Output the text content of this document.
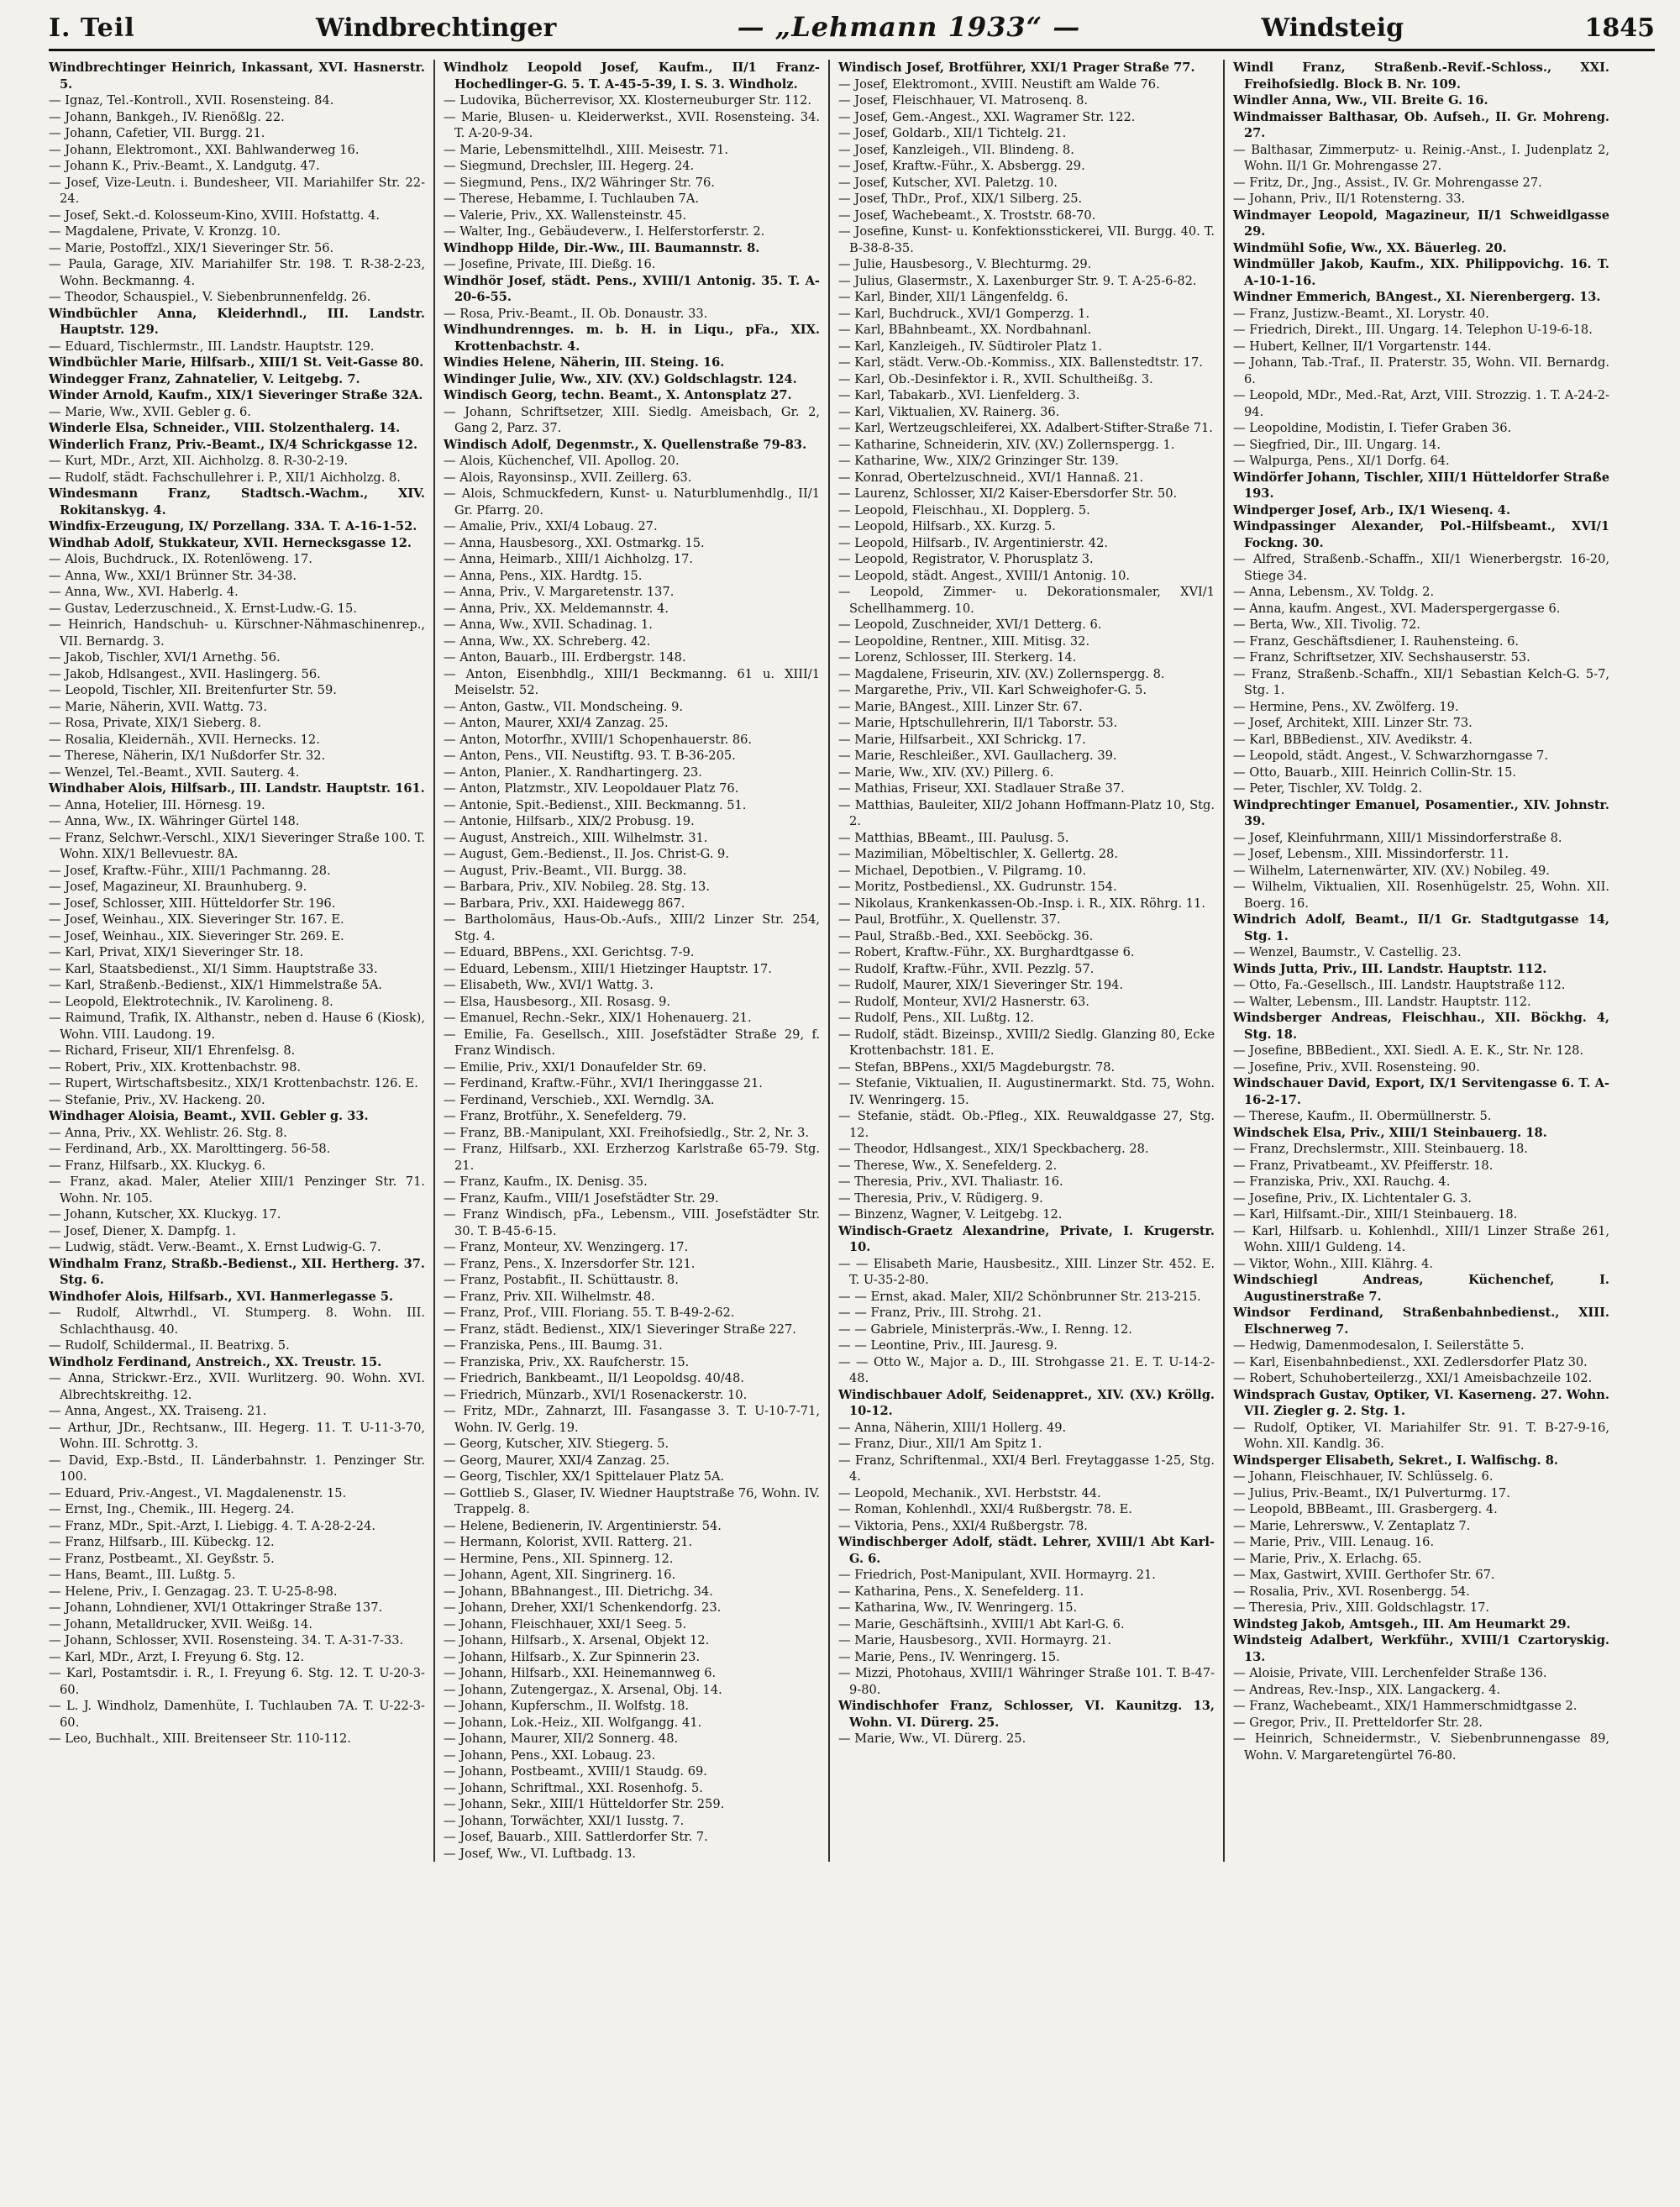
I. Teil	Windbrechtinger	— „Lehmann 1933“ —	Windsteig	1845

Windbrechtinger Heinrich, Inkassant, XVI. Hasnerstr. 5.

— Ignaz, Tel.-Kontroll., XVII. Rosensteing. 84.

— Johann, Bankgeh., IV. Rienößlg. 22.

— Johann, Cafetier, VII. Burgg. 21.

— Johann, Elektromont., XXI. Bahlwanderweg 16.

— Johann K., Priv.-Beamt., X. Landgutg. 47.

— Josef, Vize-Leutn. i. Bundesheer, VII. Mariahilfer Str. 22-24.

— Josef, Sekt.-d. Kolosseum-Kino, XVIII. Hofstattg. 4.

— Magdalene, Private, V. Kronzg. 10.

— Marie, Postoffzl., XIX/1 Sieveringer Str. 56.

— Paula, Garage, XIV. Mariahilfer Str. 198. T. R-38-2-23, Wohn. Beckmanng. 4.

— Theodor, Schauspiel., V. Siebenbrunnenfeldg. 26.

Windbüchler Anna, Kleiderhndl., III. Landstr. Hauptstr. 129.

— Eduard, Tischlermstr., III. Landstr. Hauptstr. 129.

Windbüchler Marie, Hilfsarb., XIII/1 St. Veit-Gasse 80.

Windegger Franz, Zahnatelier, V. Leitgebg. 7.

Winder Arnold, Kaufm., XIX/1 Sieveringer Straße 32A.

— Marie, Ww., XVII. Gebler g. 6.

Winderle Elsa, Schneider., VIII. Stolzenthalerg. 14.

Winderlich Franz, Priv.-Beamt., IX/4 Schrickgasse 12.

— Kurt, MDr., Arzt, XII. Aichholzg. 8. R-30-2-19.

— Rudolf, städt. Fachschullehrer i. P., XII/1 Aichholzg. 8.

Windesmann Franz, Stadtsch.-Wachm., XIV. Rokitanskyg. 4.

Windfix-Erzeugung, IX/ Porzellang. 33A. T. A-16-1-52.

Windhab Adolf, Stukkateur, XVII. Hernecksgasse 12.

— Alois, Buchdruck., IX. Rotenlöweng. 17.

— Anna, Ww., XXI/1 Brünner Str. 34-38.

— Anna, Ww., XVI. Haberlg. 4.

— Gustav, Lederzuschneid., X. Ernst-Ludw.-G. 15.

— Heinrich, Handschuh- u. Kürschner-Nähmaschinenrep., VII. Bernardg. 3.

— Jakob, Tischler, XVI/1 Arnethg. 56.

— Jakob, Hdlsangest., XVII. Haslingerg. 56.

— Leopold, Tischler, XII. Breitenfurter Str. 59.

— Marie, Näherin, XVII. Wattg. 73.

— Rosa, Private, XIX/1 Sieberg. 8.

— Rosalia, Kleidernäh., XVII. Hernecks. 12.

— Therese, Näherin, IX/1 Nußdorfer Str. 32.

— Wenzel, Tel.-Beamt., XVII. Sauterg. 4.

Windhaber Alois, Hilfsarb., III. Landstr. Hauptstr. 161.

— Anna, Hotelier, III. Hörnesg. 19.

— Anna, Ww., IX. Währinger Gürtel 148.

— Franz, Selchwr.-Verschl., XIX/1 Sieveringer Straße 100. T. Wohn. XIX/1 Bellevuestr. 8A.

— Josef, Kraftw.-Führ., XIII/1 Pachmanng. 28.

— Josef, Magazineur, XI. Braunhuberg. 9.

— Josef, Schlosser, XIII. Hütteldorfer Str. 196.

— Josef, Weinhau., XIX. Sieveringer Str. 167. E.

— Josef, Weinhau., XIX. Sieveringer Str. 269. E.

— Karl, Privat, XIX/1 Sieveringer Str. 18.

— Karl, Staatsbedienst., XI/1 Simm. Hauptstraße 33.

— Karl, Straßenb.-Bedienst., XIX/1 Himmelstraße 5A.

— Leopold, Elektrotechnik., IV. Karolineng. 8.

— Raimund, Trafik, IX. Althanstr., neben d. Hause 6 (Kiosk), Wohn. VIII. Laudong. 19.

— Richard, Friseur, XII/1 Ehrenfelsg. 8.

— Robert, Priv., XIX. Krottenbachstr. 98.

— Rupert, Wirtschaftsbesitz., XIX/1 Krottenbachstr. 126. E.

— Stefanie, Priv., XV. Hackeng. 20.

Windhager Aloisia, Beamt., XVII. Gebler g. 33.

— Anna, Priv., XX. Wehlistr. 26. Stg. 8.

— Ferdinand, Arb., XX. Marolttingerg. 56-58.

— Franz, Hilfsarb., XX. Kluckyg. 6.

— Franz, akad. Maler, Atelier XIII/1 Penzinger Str. 71. Wohn. Nr. 105.

— Johann, Kutscher, XX. Kluckyg. 17.

— Josef, Diener, X. Dampfg. 1.

— Ludwig, städt. Verw.-Beamt., X. Ernst Ludwig-G. 7.

Windhalm Franz, Straßb.-Bedienst., XII. Hertherg. 37. Stg. 6.

Windhofer Alois, Hilfsarb., XVI. Hanmerlegasse 5.

— Rudolf, Altwrhdl., VI. Stumperg. 8. Wohn. III. Schlachthausg. 40.

— Rudolf, Schildermal., II. Beatrixg. 5.

Windholz Ferdinand, Anstreich., XX. Treustr. 15.

— Anna, Strickwr.-Erz., XVII. Wurlitzerg. 90. Wohn. XVI. Albrechtskreithg. 12.

— Anna, Angest., XX. Traiseng. 21.

— Arthur, JDr., Rechtsanw., III. Hegerg. 11. T. U-11-3-70, Wohn. III. Schrottg. 3.

— David, Exp.-Bstd., II. Länderbahnstr. 1. Penzinger Str. 100.

— Eduard, Priv.-Angest., VI. Magdalenenstr. 15.

— Ernst, Ing., Chemik., III. Hegerg. 24.

— Franz, MDr., Spit.-Arzt, I. Liebigg. 4. T. A-28-2-24.

— Franz, Hilfsarb., III. Kübeckg. 12.

— Franz, Postbeamt., XI. Geyßstr. 5.

— Hans, Beamt., III. Lußtg. 5.

— Helene, Priv., I. Genzagag. 23. T. U-25-8-98.

— Johann, Lohndiener, XVI/1 Ottakringer Straße 137.

— Johann, Metalldrucker, XVII. Weißg. 14.

— Johann, Schlosser, XVII. Rosensteing. 34. T. A-31-7-33.

— Karl, MDr., Arzt, I. Freyung 6. Stg. 12.

— Karl, Postamtsdir. i. R., I. Freyung 6. Stg. 12. T. U-20-3-60.

— L. J. Windholz, Damenhüte, I. Tuchlauben 7A. T. U-22-3-60.

— Leo, Buchhalt., XIII. Breitenseer Str. 110-112.

Windholz Leopold Josef, Kaufm., II/1 Franz-Hochedlinger-G. 5. T. A-45-5-39, I. S. 3. Windholz.

— Ludovika, Bücherrevisor, XX. Klosterneuburger Str. 112.

— Marie, Blusen- u. Kleiderwerkst., XVII. Rosensteing. 34. T. A-20-9-34.

— Marie, Lebensmittelhdl., XIII. Meisestr. 71.

— Siegmund, Drechsler, III. Hegerg. 24.

— Siegmund, Pens., IX/2 Währinger Str. 76.

— Therese, Hebamme, I. Tuchlauben 7A.

— Valerie, Priv., XX. Wallensteinstr. 45.

— Walter, Ing., Gebäudeverw., I. Helferstorferstr. 2.

Windhopp Hilde, Dir.-Ww., III. Baumannstr. 8.

— Josefine, Private, III. Dießg. 16.

Windhör Josef, städt. Pens., XVIII/1 Antonig. 35. T. A-20-6-55.

— Rosa, Priv.-Beamt., II. Ob. Donaustr. 33.

Windhundrennges. m. b. H. in Liqu., pFa., XIX. Krottenbachstr. 4.

Windies Helene, Näherin, III. Steing. 16.

Windinger Julie, Ww., XIV. (XV.) Goldschlagstr. 124.

Windisch Georg, techn. Beamt., X. Antonsplatz 27.

— Johann, Schriftsetzer, XIII. Siedlg. Ameisbach, Gr. 2, Gang 2, Parz. 37.

Windisch Adolf, Degenmstr., X. Quellenstraße 79-83.

— Alois, Küchenchef, VII. Apollog. 20.

— Alois, Rayonsinsp., XVII. Zeillerg. 63.

— Alois, Schmuckfedern, Kunst- u. Naturblumenhdlg., II/1 Gr. Pfarrg. 20.

— Amalie, Priv., XXI/4 Lobaug. 27.

— Anna, Hausbesorg., XXI. Ostmarkg. 15.

— Anna, Heimarb., XIII/1 Aichholzg. 17.

— Anna, Pens., XIX. Hardtg. 15.

— Anna, Priv., V. Margaretenstr. 137.

— Anna, Priv., XX. Meldemannstr. 4.

— Anna, Ww., XVII. Schadinag. 1.

— Anna, Ww., XX. Schreberg. 42.

— Anton, Bauarb., III. Erdbergstr. 148.

— Anton, Eisenbhdlg., XIII/1 Beckmanng. 61 u. XIII/1 Meiselstr. 52.

— Anton, Gastw., VII. Mondscheing. 9.

— Anton, Maurer, XXI/4 Zanzag. 25.

— Anton, Motorfhr., XVIII/1 Schopenhauerstr. 86.

— Anton, Pens., VII. Neustiftg. 93. T. B-36-205.

— Anton, Planier., X. Randhartingerg. 23.

— Anton, Platzmstr., XIV. Leopoldauer Platz 76.

— Antonie, Spit.-Bedienst., XIII. Beckmanng. 51.

— Antonie, Hilfsarb., XIX/2 Probusg. 19.

— August, Anstreich., XIII. Wilhelmstr. 31.

— August, Gem.-Bedienst., II. Jos. Christ-G. 9.

— August, Priv.-Beamt., VII. Burgg. 38.

— Barbara, Priv., XIV. Nobileg. 28. Stg. 13.

— Barbara, Priv., XXI. Haidewegg 867.

— Bartholomäus, Haus-Ob.-Aufs., XIII/2 Linzer Str. 254, Stg. 4.

— Eduard, BBPens., XXI. Gerichtsg. 7-9.

— Eduard, Lebensm., XIII/1 Hietzinger Hauptstr. 17.

— Elisabeth, Ww., XVI/1 Wattg. 3.

— Elsa, Hausbesorg., XII. Rosasg. 9.

— Emanuel, Rechn.-Sekr., XIX/1 Hohenauerg. 21.

— Emilie, Fa. Gesellsch., XIII. Josefstädter Straße 29, f. Franz Windisch.

— Emilie, Priv., XXI/1 Donaufelder Str. 69.

— Ferdinand, Kraftw.-Führ., XVI/1 Iheringgasse 21.

— Ferdinand, Verschieb., XXI. Werndlg. 3A.

— Franz, Brotführ., X. Senefelderg. 79.

— Franz, BB.-Manipulant, XXI. Freihofsiedlg., Str. 2, Nr. 3.

— Franz, Hilfsarb., XXI. Erzherzog Karlstraße 65-79. Stg. 21.

— Franz, Kaufm., IX. Denisg. 35.

— Franz, Kaufm., VIII/1 Josefstädter Str. 29.

— Franz Windisch, pFa., Lebensm., VIII. Josefstädter Str. 30. T. B-45-6-15.

— Franz, Monteur, XV. Wenzingerg. 17.

— Franz, Pens., X. Inzersdorfer Str. 121.

— Franz, Postabfit., II. Schüttaustr. 8.

— Franz, Priv. XII. Wilhelmstr. 48.

— Franz, Prof., VIII. Floriang. 55. T. B-49-2-62.

— Franz, städt. Bedienst., XIX/1 Sieveringer Straße 227.

— Franziska, Pens., III. Baumg. 31.

— Franziska, Priv., XX. Raufcherstr. 15.

— Friedrich, Bankbeamt., II/1 Leopoldsg. 40/48.

— Friedrich, Münzarb., XVI/1 Rosenackerstr. 10.

— Fritz, MDr., Zahnarzt, III. Fasangasse 3. T. U-10-7-71, Wohn. IV. Gerlg. 19.

— Georg, Kutscher, XIV. Stiegerg. 5.

— Georg, Maurer, XXI/4 Zanzag. 25.

— Georg, Tischler, XX/1 Spittelauer Platz 5A.

— Gottlieb S., Glaser, IV. Wiedner Hauptstraße 76, Wohn. IV. Trappelg. 8.

— Helene, Bedienerin, IV. Argentinierstr. 54.

— Hermann, Kolorist, XVII. Ratterg. 21.

— Hermine, Pens., XII. Spinnerg. 12.

— Johann, Agent, XII. Singrinerg. 16.

— Johann, BBahnangest., III. Dietrichg. 34.

— Johann, Dreher, XXI/1 Schenkendorfg. 23.

— Johann, Fleischhauer, XXI/1 Seeg. 5.

— Johann, Hilfsarb., X. Arsenal, Objekt 12.

— Johann, Hilfsarb., X. Zur Spinnerin 23.

— Johann, Hilfsarb., XXI. Heinemannweg 6.

— Johann, Zutengergaz., X. Arsenal, Obj. 14.

— Johann, Kupferschm., II. Wolfstg. 18.

— Johann, Lok.-Heiz., XII. Wolfgangg. 41.

— Johann, Maurer, XII/2 Sonnerg. 48.

— Johann, Pens., XXI. Lobaug. 23.

— Johann, Postbeamt., XVIII/1 Staudg. 69.

— Johann, Schriftmal., XXI. Rosenhofg. 5.

— Johann, Sekr., XIII/1 Hütteldorfer Str. 259.

— Johann, Torwächter, XXI/1 Iusstg. 7.

— Josef, Bauarb., XIII. Sattlerdorfer Str. 7.

— Josef, Ww., VI. Luftbadg. 13.

Windisch Josef, Brotführer, XXI/1 Prager Straße 77.

— Josef, Elektromont., XVIII. Neustift am Walde 76.

— Josef, Fleischhauer, VI. Matrosenq. 8.

— Josef, Gem.-Angest., XXI. Wagramer Str. 122.

— Josef, Goldarb., XII/1 Tichtelg. 21.

— Josef, Kanzleigeh., VII. Blindeng. 8.

— Josef, Kraftw.-Führ., X. Absbergg. 29.

— Josef, Kutscher, XVI. Paletzg. 10.

— Josef, ThDr., Prof., XIX/1 Silberg. 25.

— Josef, Wachebeamt., X. Troststr. 68-70.

— Josefine, Kunst- u. Konfektionsstickerei, VII. Burgg. 40. T. B-38-8-35.

— Julie, Hausbesorg., V. Blechturmg. 29.

— Julius, Glasermstr., X. Laxenburger Str. 9. T. A-25-6-82.

— Karl, Binder, XII/1 Längenfeldg. 6.

— Karl, Buchdruck., XVI/1 Gomperzg. 1.

— Karl, BBahnbeamt., XX. Nordbahnanl.

— Karl, Kanzleigeh., IV. Südtiroler Platz 1.

— Karl, städt. Verw.-Ob.-Kommiss., XIX. Ballenstedtstr. 17.

— Karl, Ob.-Desinfektor i. R., XVII. Schultheißg. 3.

— Karl, Tabakarb., XVI. Lienfelderg. 3.

— Karl, Viktualien, XV. Rainerg. 36.

— Karl, Wertzeugschleiferei, XX. Adalbert-Stifter-Straße 71.

— Katharine, Schneiderin, XIV. (XV.) Zollernspergg. 1.

— Katharine, Ww., XIX/2 Grinzinger Str. 139.

— Konrad, Obertelzuschneid., XVI/1 Hannaß. 21.

— Laurenz, Schlosser, XI/2 Kaiser-Ebersdorfer Str. 50.

— Leopold, Fleischhau., XI. Dopplerg. 5.

— Leopold, Hilfsarb., XX. Kurzg. 5.

— Leopold, Hilfsarb., IV. Argentinierstr. 42.

— Leopold, Registrator, V. Phorusplatz 3.

— Leopold, städt. Angest., XVIII/1 Antonig. 10.

— Leopold, Zimmer- u. Dekorationsmaler, XVI/1 Schellhammerg. 10.

— Leopold, Zuschneider, XVI/1 Detterg. 6.

— Leopoldine, Rentner., XIII. Mitisg. 32.

— Lorenz, Schlosser, III. Sterkerg. 14.

— Magdalene, Friseurin, XIV. (XV.) Zollernspergg. 8.

— Margarethe, Priv., VII. Karl Schweighofer-G. 5.

— Marie, BAngest., XIII. Linzer Str. 67.

— Marie, Hptschullehrerin, II/1 Taborstr. 53.

— Marie, Hilfsarbeit., XXI Schrickg. 17.

— Marie, Reschleißer., XVI. Gaullacherg. 39.

— Marie, Ww., XIV. (XV.) Pillerg. 6.

— Mathias, Friseur, XXI. Stadlauer Straße 37.

— Matthias, Bauleiter, XII/2 Johann Hoffmann-Platz 10, Stg. 2.

— Matthias, BBeamt., III. Paulusg. 5.

— Mazimilian, Möbeltischler, X. Gellertg. 28.

— Michael, Depotbien., V. Pilgramg. 10.

— Moritz, Postbediensl., XX. Gudrunstr. 154.

— Nikolaus, Krankenkassen-Ob.-Insp. i. R., XIX. Röhrg. 11.

— Paul, Brotführ., X. Quellenstr. 37.

— Paul, Straßb.-Bed., XXI. Seeböckg. 36.

— Robert, Kraftw.-Führ., XX. Burghardtgasse 6.

— Rudolf, Kraftw.-Führ., XVII. Pezzlg. 57.

— Rudolf, Maurer, XIX/1 Sieveringer Str. 194.

— Rudolf, Monteur, XVI/2 Hasnerstr. 63.

— Rudolf, Pens., XII. Lußtg. 12.

— Rudolf, städt. Bizeinsp., XVIII/2 Siedlg. Glanzing 80, Ecke Krottenbachstr. 181. E.

— Stefan, BBPens., XXI/5 Magdeburgstr. 78.

— Stefanie, Viktualien, II. Augustinermarkt. Std. 75, Wohn. IV. Wenringerg. 15.

— Stefanie, städt. Ob.-Pfleg., XIX. Reuwaldgasse 27, Stg. 12.

— Theodor, Hdlsangest., XIX/1 Speckbacherg. 28.

— Therese, Ww., X. Senefelderg. 2.

— Theresia, Priv., XVI. Thaliastr. 16.

— Theresia, Priv., V. Rüdigerg. 9.

— Binzenz, Wagner, V. Leitgebg. 12.

Windisch-Graetz Alexandrine, Private, I. Krugerstr. 10.

— — Elisabeth Marie, Hausbesitz., XIII. Linzer Str. 452. E. T. U-35-2-80.

— — Ernst, akad. Maler, XII/2 Schönbrunner Str. 213-215.

— — Franz, Priv., III. Strohg. 21.

— — Gabriele, Ministerpräs.-Ww., I. Renng. 12.

— — Leontine, Priv., III. Jauresg. 9.

— — Otto W., Major a. D., III. Strohgasse 21. E. T. U-14-2-48.

Windischbauer Adolf, Seidenappret., XIV. (XV.) Kröllg. 10-12.

— Anna, Näherin, XIII/1 Hollerg. 49.

— Franz, Diur., XII/1 Am Spitz 1.

— Franz, Schriftenmal., XXI/4 Berl. Freytaggasse 1-25, Stg. 4.

— Leopold, Mechanik., XVI. Herbststr. 44.

— Roman, Kohlenhdl., XXI/4 Rußbergstr. 78. E.

— Viktoria, Pens., XXI/4 Rußbergstr. 78.

Windischberger Adolf, städt. Lehrer, XVIII/1 Abt Karl-G. 6.

— Friedrich, Post-Manipulant, XVII. Hormayrg. 21.

— Katharina, Pens., X. Senefelderg. 11.

— Katharina, Ww., IV. Wenringerg. 15.

— Marie, Geschäftsinh., XVIII/1 Abt Karl-G. 6.

— Marie, Hausbesorg., XVII. Hormayrg. 21.

— Marie, Pens., IV. Wenringerg. 15.

— Mizzi, Photohaus, XVIII/1 Währinger Straße 101. T. B-47-9-80.

Windischhofer Franz, Schlosser, VI. Kaunitzg. 13, Wohn. VI. Dürerg. 25.

— Marie, Ww., VI. Dürerg. 25.

Windl Franz, Straßenb.-Revif.-Schloss., XXI. Freihofsiedlg. Block B. Nr. 109.

Windler Anna, Ww., VII. Breite G. 16.

Windmaisser Balthasar, Ob. Aufseh., II. Gr. Mohreng. 27.

— Balthasar, Zimmerputz- u. Reinig.-Anst., I. Judenplatz 2, Wohn. II/1 Gr. Mohrengasse 27.

— Fritz, Dr., Jng., Assist., IV. Gr. Mohrengasse 27.

— Johann, Priv., II/1 Rotensterng. 33.

Windmayer Leopold, Magazineur, II/1 Schweidlgasse 29.

Windmühl Sofie, Ww., XX. Bäuerleg. 20.

Windmüller Jakob, Kaufm., XIX. Philippovichg. 16. T. A-10-1-16.

Windner Emmerich, BAngest., XI. Nierenbergerg. 13.

— Franz, Justizw.-Beamt., XI. Lorystr. 40.

— Friedrich, Direkt., III. Ungarg. 14. Telephon U-19-6-18.

— Hubert, Kellner, II/1 Vorgartenstr. 144.

— Johann, Tab.-Traf., II. Praterstr. 35, Wohn. VII. Bernardg. 6.

— Leopold, MDr., Med.-Rat, Arzt, VIII. Strozzig. 1. T. A-24-2-94.

— Leopoldine, Modistin, I. Tiefer Graben 36.

— Siegfried, Dir., III. Ungarg. 14.

— Walpurga, Pens., XI/1 Dorfg. 64.

Windörfer Johann, Tischler, XIII/1 Hütteldorfer Straße 193.

Windperger Josef, Arb., IX/1 Wiesenq. 4.

Windpassinger Alexander, Pol.-Hilfsbeamt., XVI/1 Fockng. 30.

— Alfred, Straßenb.-Schaffn., XII/1 Wienerbergstr. 16-20, Stiege 34.

— Anna, Lebensm., XV. Toldg. 2.

— Anna, kaufm. Angest., XVI. Maderspergergasse 6.

— Berta, Ww., XII. Tivolig. 72.

— Franz, Geschäftsdiener, I. Rauhensteing. 6.

— Franz, Schriftsetzer, XIV. Sechshauserstr. 53.

— Franz, Straßenb.-Schaffn., XII/1 Sebastian Kelch-G. 5-7, Stg. 1.

— Hermine, Pens., XV. Zwölferg. 19.

— Josef, Architekt, XIII. Linzer Str. 73.

— Karl, BBBedienst., XIV. Avedikstr. 4.

— Leopold, städt. Angest., V. Schwarzhorngasse 7.

— Otto, Bauarb., XIII. Heinrich Collin-Str. 15.

— Peter, Tischler, XV. Toldg. 2.

Windprechtinger Emanuel, Posamentier., XIV. Johnstr. 39.

— Josef, Kleinfuhrmann, XIII/1 Missindorferstraße 8.

— Josef, Lebensm., XIII. Missindorferstr. 11.

— Wilhelm, Laternenwärter, XIV. (XV.) Nobileg. 49.

— Wilhelm, Viktualien, XII. Rosenhügelstr. 25, Wohn. XII. Boerg. 16.

Windrich Adolf, Beamt., II/1 Gr. Stadtgutgasse 14, Stg. 1.

— Wenzel, Baumstr., V. Castellig. 23.

Winds Jutta, Priv., III. Landstr. Hauptstr. 112.

— Otto, Fa.-Gesellsch., III. Landstr. Hauptstraße 112.

— Walter, Lebensm., III. Landstr. Hauptstr. 112.

Windsberger Andreas, Fleischhau., XII. Böckhg. 4, Stg. 18.

— Josefine, BBBedient., XXI. Siedl. A. E. K., Str. Nr. 128.

— Josefine, Priv., XVII. Rosensteing. 90.

Windschauer David, Export, IX/1 Servitengasse 6. T. A-16-2-17.

— Therese, Kaufm., II. Obermüllnerstr. 5.

Windschek Elsa, Priv., XIII/1 Steinbauerg. 18.

— Franz, Drechslermstr., XIII. Steinbauerg. 18.

— Franz, Privatbeamt., XV. Pfeifferstr. 18.

— Franziska, Priv., XXI. Rauchg. 4.

— Josefine, Priv., IX. Lichtentaler G. 3.

— Karl, Hilfsamt.-Dir., XIII/1 Steinbauerg. 18.

— Karl, Hilfsarb. u. Kohlenhdl., XIII/1 Linzer Straße 261, Wohn. XIII/1 Guldeng. 14.

— Viktor, Wohn., XIII. Klährg. 4.

Windschiegl Andreas, Küchenchef, I. Augustinerstraße 7.

Windsor Ferdinand, Straßenbahnbedienst., XIII. Elschnerweg 7.

— Hedwig, Damenmodesalon, I. Seilerstätte 5.

— Karl, Eisenbahnbedienst., XXI. Zedlersdorfer Platz 30.

— Robert, Schuhoberteilerzg., XXI/1 Ameisbachzeile 102.

Windsprach Gustav, Optiker, VI. Kaserneng. 27. Wohn. VII. Ziegler g. 2. Stg. 1.

— Rudolf, Optiker, VI. Mariahilfer Str. 91. T. B-27-9-16, Wohn. XII. Kandlg. 36.

Windsperger Elisabeth, Sekret., I. Walfischg. 8.

— Johann, Fleischhauer, IV. Schlüsselg. 6.

— Julius, Priv.-Beamt., IX/1 Pulverturmg. 17.

— Leopold, BBBeamt., III. Grasbergerg. 4.

— Marie, Lehrersww., V. Zentaplatz 7.

— Marie, Priv., VIII. Lenaug. 16.

— Marie, Priv., X. Erlachg. 65.

— Max, Gastwirt, XVIII. Gerthofer Str. 67.

— Rosalia, Priv., XVI. Rosenbergg. 54.

— Theresia, Priv., XIII. Goldschlagstr. 17.

Windsteg Jakob, Amtsgeh., III. Am Heumarkt 29.

Windsteig Adalbert, Werkführ., XVIII/1 Czartoryskig. 13.

— Aloisie, Private, VIII. Lerchenfelder Straße 136.

— Andreas, Rev.-Insp., XIX. Langackerg. 4.

— Franz, Wachebeamt., XIX/1 Hammerschmidtgasse 2.

— Gregor, Priv., II. Pretteldorfer Str. 28.

— Heinrich, Schneidermstr., V. Siebenbrunnengasse 89, Wohn. V. Margaretengürtel 76-80.
